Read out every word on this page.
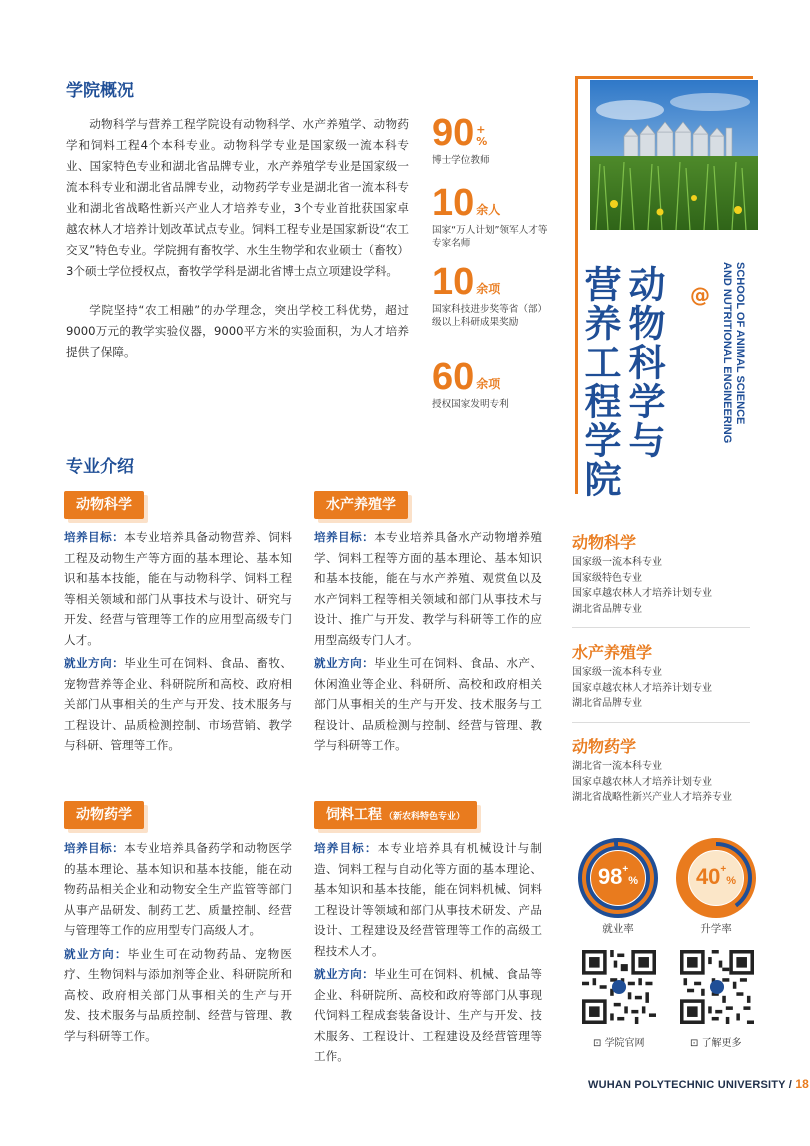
学院概况

动物科学与营养工程学院设有动物科学、水产养殖学、动物药学和饲料工程4个本科专业。动物科学专业是国家级一流本科专业、国家特色专业和湖北省品牌专业，水产养殖学专业是国家级一流本科专业和湖北省品牌专业，动物药学专业是湖北省一流本科专业和湖北省战略性新兴产业人才培养专业，3个专业首批获国家卓越农林人才培养计划改革试点专业。饲料工程专业是国家新设“农工交叉”特色专业。学院拥有畜牧学、水生生物学和农业硕士（畜牧）3个硕士学位授权点，畜牧学学科是湖北省博士点立项建设学科。

学院坚持“农工相融”的办学理念，突出学校工科优势，超过9000万元的教学实验仪器，9000平方米的实验面积，为人才培养提供了保障。

90 +
%
博士学位教师
10 余人
国家“万人计划”领军人才等专家名师
10 余项
国家科技进步奖等省（部）级以上科研成果奖励
60 余项
授权国家发明专利
@
动物科学与
营养工程学院	SCHOOL OF ANIMAL SCIENCE
AND NUTRITIONAL ENGINEERING
专业介绍
动物科学

培养目标：本专业培养具备动物营养、饲料工程及动物生产等方面的基本理论、基本知识和基本技能，能在与动物科学、饲料工程等相关领域和部门从事技术与设计、研究与开发、经营与管理等工作的应用型高级专门人才。

就业方向：毕业生可在饲料、食品、畜牧、宠物营养等企业、科研院所和高校、政府相关部门从事相关的生产与开发、技术服务与工程设计、品质检测控制、市场营销、教学与科研、管理等工作。

水产养殖学

培养目标：本专业培养具备水产动物增养殖学、饲料工程等方面的基本理论、基本知识和基本技能，能在与水产养殖、观赏鱼以及水产饲料工程等相关领域和部门从事技术与设计、推广与开发、教学与科研等工作的应用型高级专门人才。

就业方向：毕业生可在饲料、食品、水产、休闲渔业等企业、科研所、高校和政府相关部门从事相关的生产与开发、技术服务与工程设计、品质检测与控制、经营与管理、教学与科研等工作。

动物药学

培养目标：本专业培养具备药学和动物医学的基本理论、基本知识和基本技能，能在动物药品相关企业和动物安全生产监管等部门从事产品研发、制药工艺、质量控制、经营与管理等工作的应用型专门高级人才。

就业方向：毕业生可在动物药品、宠物医疗、生物饲料与添加剂等企业、科研院所和高校、政府相关部门从事相关的生产与开发、技术服务与品质控制、经营与管理、教学与科研等工作。

饲料工程 （新农科特色专业）

培养目标：本专业培养具有机械设计与制造、饲料工程与自动化等方面的基本理论、基本知识和基本技能，能在饲料机械、饲料工程设计等领域和部门从事技术研发、产品设计、工程建设及经营管理等工作的高级工程技术人才。

就业方向：毕业生可在饲料、机械、食品等企业、科研院所、高校和政府等部门从事现代饲料工程成套装备设计、生产与开发、技术服务、工程设计、工程建设及经营管理等工作。

动物科学
国家级一流本科专业
国家级特色专业
国家卓越农林人才培养计划专业
湖北省品牌专业
水产养殖学
国家级一流本科专业
国家卓越农林人才培养计划专业
湖北省品牌专业
动物药学
湖北省一流本科专业
国家卓越农林人才培养计划专业
湖北省战略性新兴产业人才培养专业
98+%
就业率
40+%
升学率
⊡ 学院官网	⊡ 了解更多
WUHAN POLYTECHNIC UNIVERSITY / 18
